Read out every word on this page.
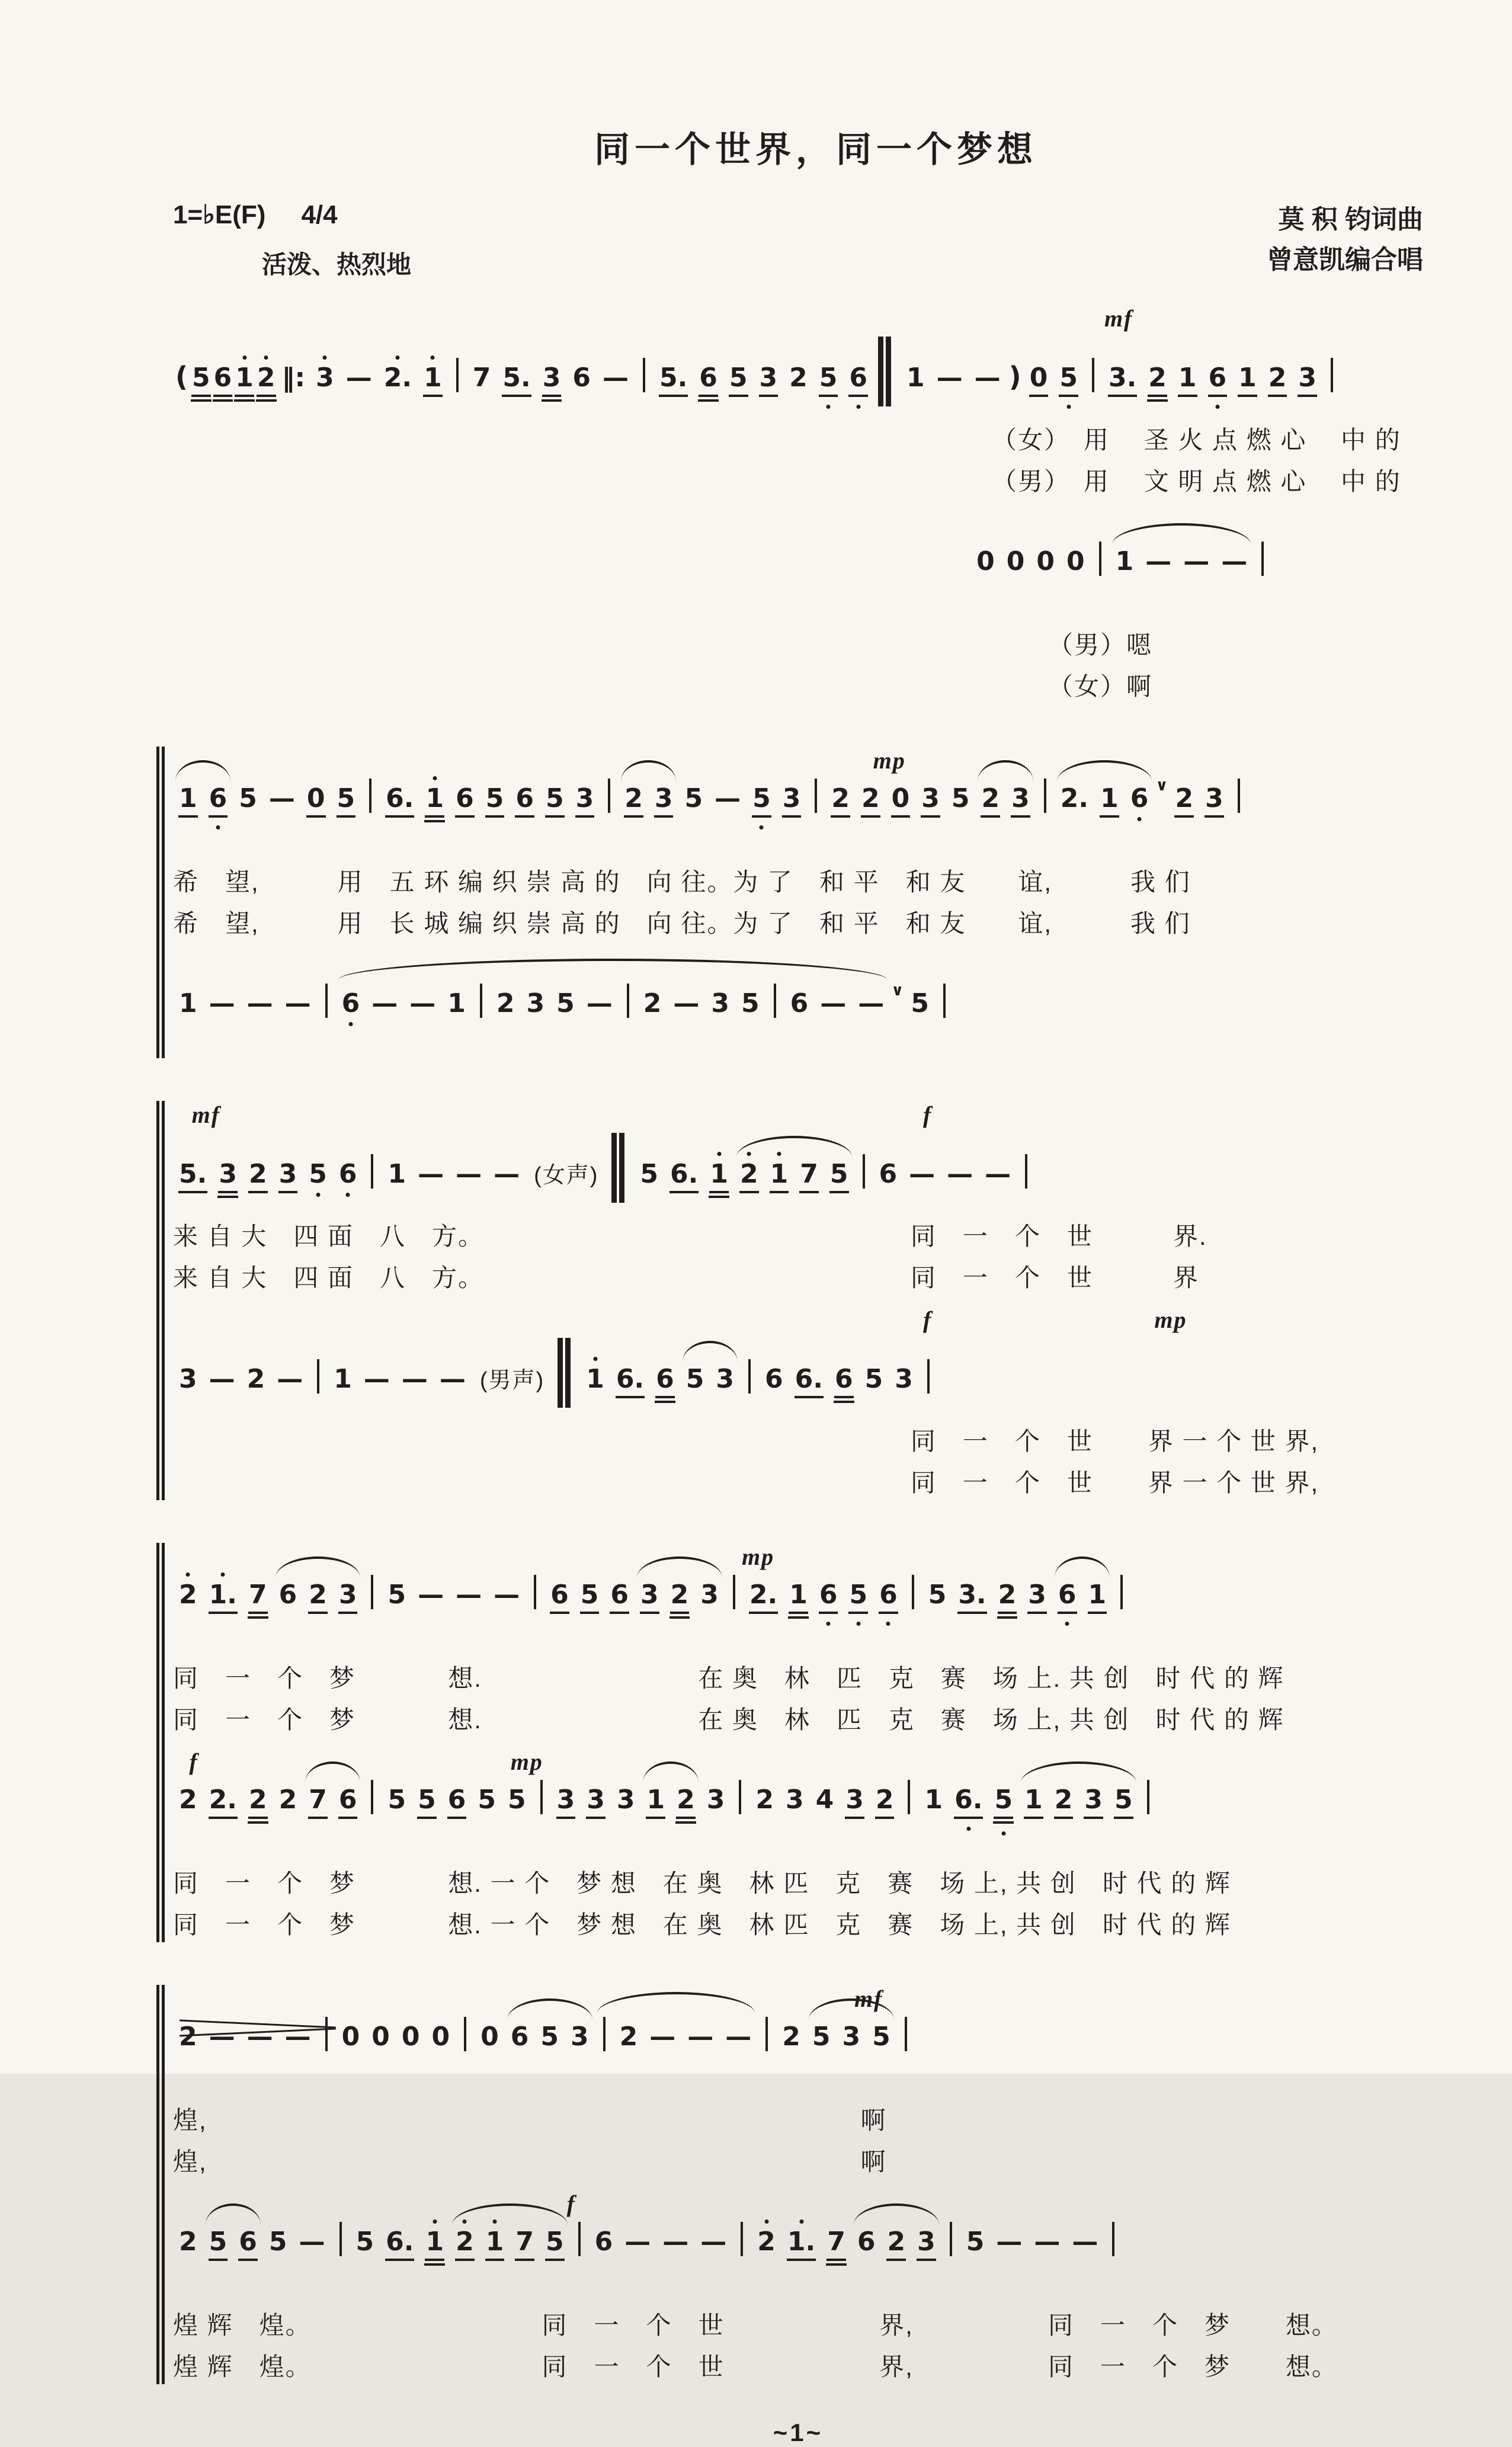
同一个世界，同一个梦想
1=♭E(F) 4/4
活泼、热烈地
莫 积 钧词曲
曾意凯编合唱
mf
( 5 6 1 2 ‖: 3 — 2. 1 7 5. 3 6 — 5. 6 5 3 2 5 6 1 — — ) 0 5 3. 2 1 6 1 2 3
（女）　用　 圣 火 点 燃 心　 中 的
（男）　用　 文 明 点 燃 心　 中 的
0 0 0 0 1 — — —
（男）嗯
（女）啊
mp
1 6 5 — 0 5 6. 1 6 5 6 5 3 2 3 5 — 5 3 2 2 0 3 5 2 3 2. 1 6 ∨ 2 3
希　望,　　　用　五 环 编 织 崇 高 的　向 往。为 了　和 平　和 友　　谊,　　　我 们
希　望,　　　用　长 城 编 织 崇 高 的　向 往。为 了　和 平　和 友　　谊,　　　我 们
1 — — — 6 — — 1 2 3 5 — 2 — 3 5 6 — — ∨ 5
mf	f
5. 3 2 3 5 6 1 — — — (女声) 5 6. 1 2 1 7 5 6 — — —
来 自 大　四 面　八　方。	同　一　个　世	界.
来 自 大　四 面　八　方。	同　一　个　世	界
f	mp
3 — 2 — 1 — — — (男声) 1 6. 6 5 3 6 6. 6 5 3
同　一　个　世 界 一 个 世 界,
同　一　个　世 界 一 个 世 界,
mp
2 1. 7 6 2 3 5 — — — 6 5 6 3 2 3 2. 1 6 5 6 5 3. 2 3 6 1
同　一　个　梦	想.	在 奥　林　匹　克　赛　场 上. 共 创　时 代 的 辉
同　一　个　梦	想.	在 奥　林　匹　克　赛　场 上, 共 创　时 代 的 辉
f	mp
2 2. 2 2 7 6 5 5 6 5 5 3 3 3 1 2 3 2 3 4 3 2 1 6. 5 1 2 3 5
同　一　个　梦	想. 一 个　梦 想　在 奥　林 匹　克　赛　场 上, 共 创　时 代 的 辉
同　一　个　梦	想. 一 个　梦 想　在 奥　林 匹　克　赛　场 上, 共 创　时 代 的 辉
mf
2 — — — 0 0 0 0 0 6 5 3 2 — — — 2 5 3 5
煌,	啊
煌,	啊
f
2 5 6 5 — 5 6. 1 2 1 7 5 6 — — — 2 1. 7 6 2 3 5 — — —
煌 辉　煌。	同　一　个　世	界,	同　一　个　梦 想。
煌 辉　煌。	同　一　个　世	界,	同　一　个　梦 想。
~1~
